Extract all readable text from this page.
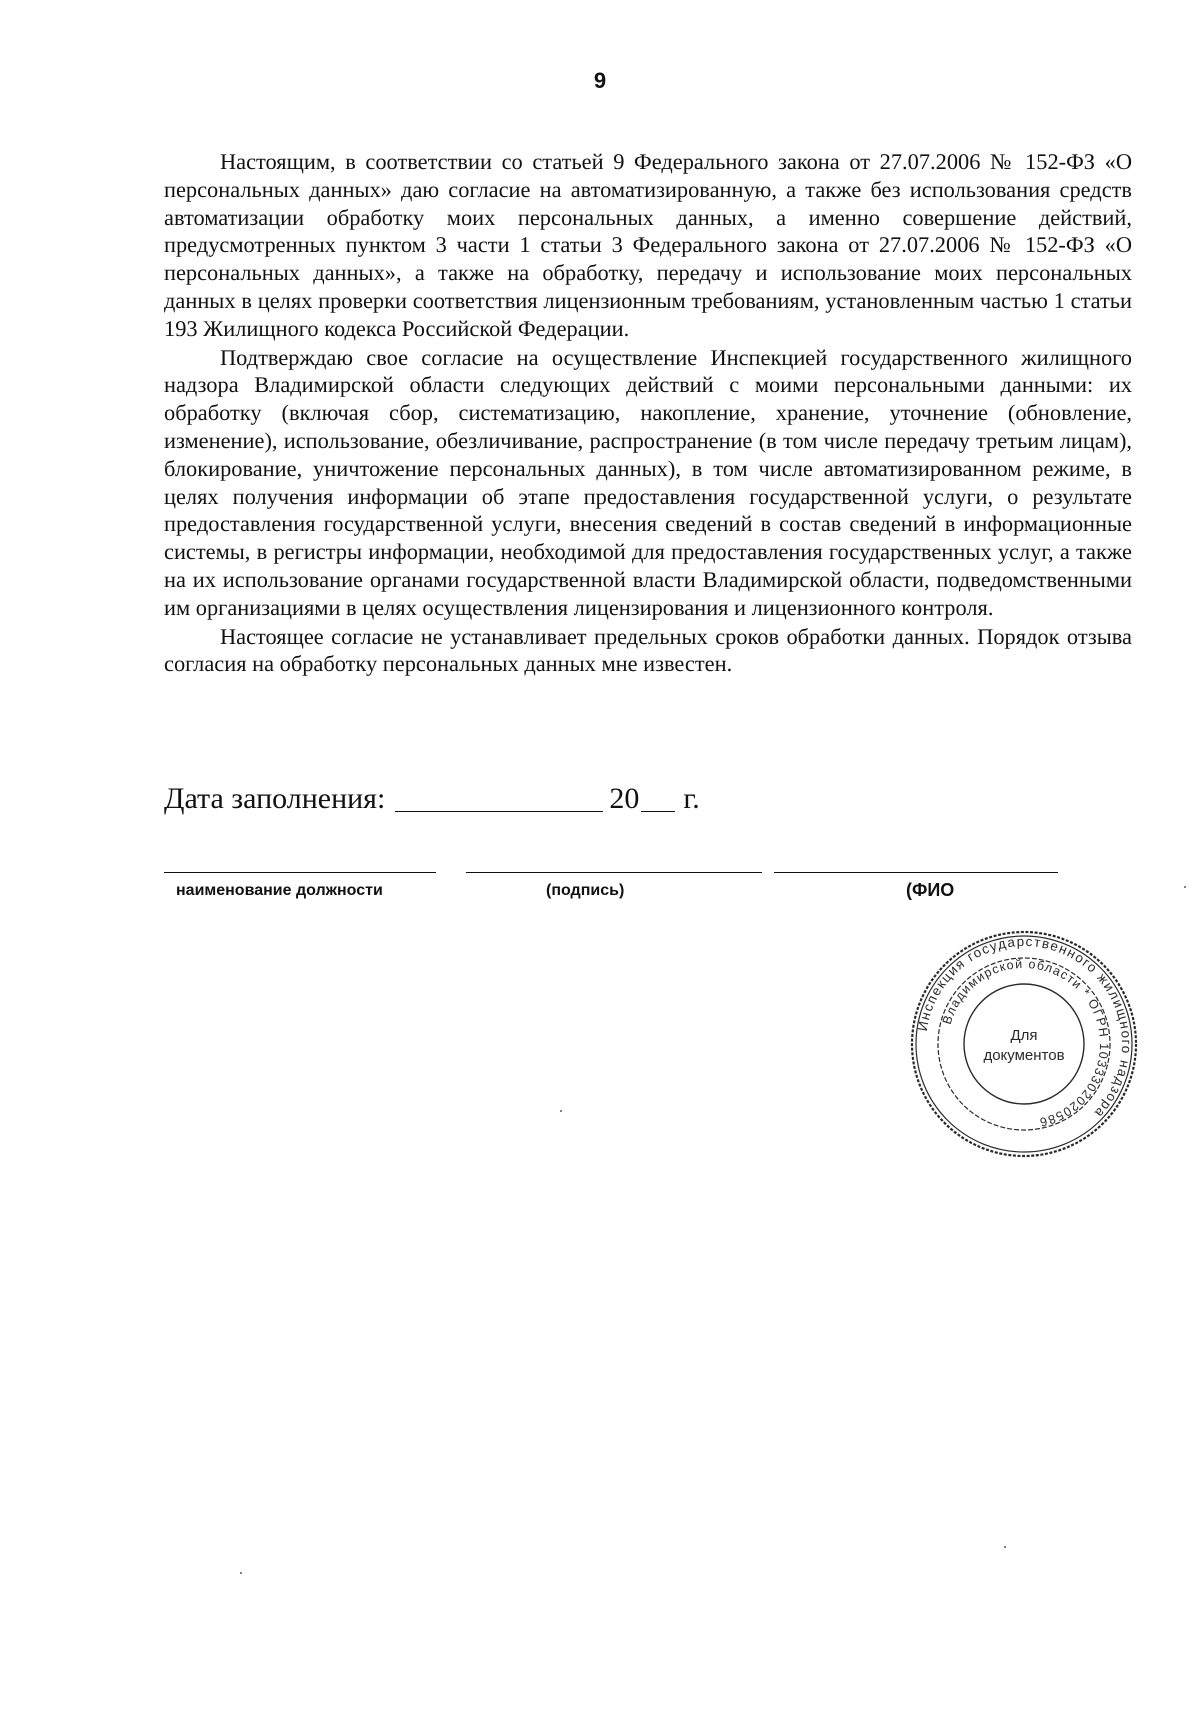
9

Настоящим, в соответствии со статьей 9 Федерального закона от 27.07.2006 № 152-ФЗ «О персональных данных» даю согласие на автоматизированную, а также без использования средств автоматизации обработку моих персональных данных, а именно совершение действий, предусмотренных пунктом 3 части 1 статьи 3 Федерального закона от 27.07.2006 № 152-ФЗ «О персональных данных», а также на обработку, передачу и использование моих персональных данных в целях проверки соответствия лицензионным требованиям, установленным частью 1 статьи 193 Жилищного кодекса Российской Федерации.

Подтверждаю свое согласие на осуществление Инспекцией государственного жилищного надзора Владимирской области следующих действий с моими персональными данными: их обработку (включая сбор, систематизацию, накопление, хранение, уточнение (обновление, изменение), использование, обезличивание, распространение (в том числе передачу третьим лицам), блокирование, уничтожение персональных данных), в том числе автоматизированном режиме, в целях получения информации об этапе предоставления государственной услуги, о результате предоставления государственной услуги, внесения сведений в состав сведений в информационные системы, в регистры информации, необходимой для предоставления государственных услуг, а также на их использование органами государственной власти Владимирской области, подведомственными им организациями в целях осуществления лицензирования и лицензионного контроля.

Настоящее согласие не устанавливает предельных сроков обработки данных. Порядок отзыва согласия на обработку персональных данных мне известен.

Дата заполнения:	20 г.
наименование должности	(подпись)	(ФИО
Инспекция государственного жилищного надзора
Владимирской области * ОГРН 1033302020586
Для
документов
